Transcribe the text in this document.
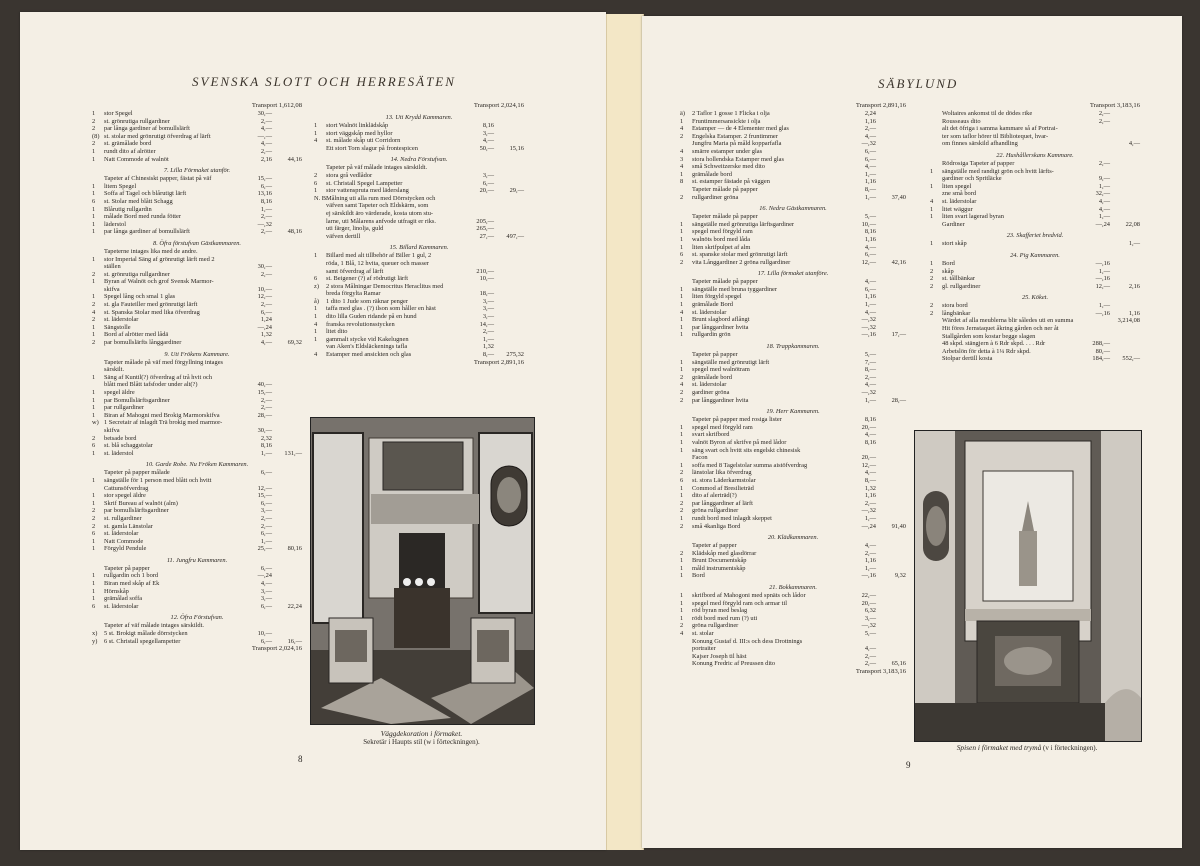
SVENSKA SLOTT OCH HERRESÄTEN
Transport 1,612,08
1	stor Spegel	30,—
2	st. grönrutiga rullgardiner	2,—
2	par långa gardiner af bomullslärft	4,—
(8) st. stolar med grönrutigt öfverdrag af lärft	—,—
2	st. grämålade bord	4,—
1	rundt dito af alrötter	2,—
1	Natt Commode af walnöt	2,16	44,16
7. Lilla Förmaket utanför.
Tapeter af Chinesiskt papper, fästat på väf	15,—
1	litem Spegel	6,—
1	Soffa af Tagel och blårutigt lärft	13,16
6	st. Stolar med blått Schagg	8,16
1	Blårutig rullgardin	1,—
1	målade Bord med runda fötter	2,—
1	läderstol	—,32
1	par långa gardiner af bomullslärft	2,—	48,16
8. Öfra förstufvan Gästkammaren.
Tapeterne intages lika med de andre.
1	stor Imperial Säng af grönrutigt lärft med 2
ställen	30,—
2	st. grönrutiga rullgardiner	2,—
1	Byran af Walnöt och grof Svensk Marmor-
skifva	10,—
1	Spegel lång och smal 1 glas	12,—
2	st. gla Fauteiller med grönrutigt lärft	2,—
4	st. Spanska Stolar med lika öfverdrag	6,—
2	st. läderstolar	1,24
1	Sängstolle	—,24
1	Bord af alrötter med lådä	1,32
2	par bomullslärfts långgardiner	4,—	69,32
9. Uti Frökens Kammare.
Tapeter målade på väf med förgyllning intages
särskilt.
1	Säng af Kuntil(?) öfverdrag af trå hvit och
blått med Blått tafsfoder under alt(?)	40,—
1	spegel äldre	15,—
1	par Bomullslärftsgardiner	2,—
1	par rullgardiner	2,—
1	Biran af Mahogni med Brokig Marmorskifva	28,—
w) 1 Secretair af inlagdt Trä brokig med marmor-
skifva	30,—
2	betsade bord	2,32
6	st. blå schaggstolar	8,16
1	st. läderstol	1,—	131,—
10. Garde Robe. Nu Fröken Kammaren.
Tapeter på papper målade	6,—
1	sängställe för 1 person med blått och hvitt
Cattunsöfverdrag	12,—
1	stor spegel äldre	15,—
1	Skrif Bureau af walnöt (alm)	6,—
2	par bomullslärftsgardiner	3,—
2	st. rullgardiner	2,—
2	st. gamla Länstolar	2,—
6	st. läderstolar	6,—
1	Natt Commode	1,—
1	Förgyld Pendule	25,—	80,16
11. Jungfru Kammaren.
Tapeter på papper	6,—
1	rullgardin och 1 bord	—,24
1	Biran med skåp af Ek	4,—
1	Hörnskåp	3,—
1	grämålad soffa	3,—
6	st. läderstolar	6,—	22,24
12. Öfra Förstufvan.
Tapeter af väf målade intages särskildt.
x)	5 st. Brokigt målade dörrstycken	10,—
y)	6 st. Christall spegellampetter	6,—	16,—
Transport 2,024,16
Transport 2,024,16
13. Uti Krydd Kammaren.
1	stort Walnöt linklädskåp	8,16
1	stort väggskåp med hyllor	3,—
4	st. målade skåp uti Corridorn	4,—
Ett stort Torn slagur på frontespicen	50,—	15,16
14. Nedra Förstufvan.
Tapeter på väf målade intages särskildt.
2	stora grå vedlådor	3,—
6	st. Christall Spegel Lampetter	6,—
1	stor vattenspruta med läderslang	20,—	29,—
N. B.
Målning uti alla rum med Dörrstycken och
väfven samt Tapeter och Eldskärm, som
ej särskildt äro värderade, kosta utom stu-
larne, uti Målarens anfvode utfragit er riks.	205,—
uti färger, linolja, guld	265,—
väfven dertill	27,—	497,—
15. Billard Kammaren.
1	Billard med alt tillbehör af Biller 1 gul, 2
röda, 1 Blå, 12 hvita, queuer och masser
samt öfverdrag af lärft	210,—
6	st. Beigener (?) af rödrutigt lärft	10,—
z)	2 stora Målningar Democritus Heraclitus med
breda förgylta Ramar	18,—
å)	1 dito 1 Jude som räknar penger	3,—
1	taffa med glas . (?) ilson som håller en häst	3,—
1	dito lilla Guden ridande på en hund	3,—
4	franska revolutionsstycken	14,—
1	litet dito	2,—
1	gammalt stycke vid Kakelugnen	1,—
van Aken's Eldsläckenings tafla	1,32
4	Estamper med ansickten och glas	8,—	275,32
Transport 2,891,16
Väggdekoration i förmaket.
Sekretär i Haupts stil (w i förteckningen).
8
SÄBYLUND
Transport 2,891,16
ä)	2 Taflor 1 gosse 1 Flicka i olja	2,24
1	Fruntimmersansickte i olja	1,16
4	Estamper — de 4 Elementer med glas	2,—
2	Engelska Estamper. 2 fruntimmer	4,—
Jungfru Maria på måld kopparfafla	—,32
4	smärre estamper under glas	6,—
3	stora hollendska Estamper med glas	6,—
4	små Schweitzerske med dito	4,—
1	grämålade bord	1,—
8	st. estamper fästade på väggen	1,16
Tapeter målade på papper	8,—
2	rullgardiner gröna	1,—	37,40
16. Nedra Gästkammaren.
Tapeter målade på papper	5,—
1	sängställe med grönrutiga lärftsgardiner	10,—
1	spegel med förgyld ram	8,16
1	walnöts bord med låda	1,16
1	liten skrifpulpet af alm	4,—
6	st. spanske stolar med grönrutigt lärft	6,—
2	vita Långgardiner 2 gröna rullgardiner	12,—	42,16
17. Lilla förmaket utanföre.
Tapeter målade på papper	4,—
1	sängställe med bruna tyggardiner	6,—
1	liten förgyld spegel	1,16
1	grämålade Bord	1,—
4	st. läderstolar	4,—
1	Brunt slagbord aflångt	—,32
1	par långgardiner hvita	—,32
1	rullgardin grön	—,16	17,—
18. Trappkammaren.
Tapeter på papper	5,—
1	sängställe med grönrutigt lärft	7,—
1	spegel med walnötram	8,—
2	grämålade bord	2,—
4	st. läderstolar	4,—
2	gardiner gröna	—,32
2	par långgardiner hvita	1,—	28,—
19. Herr Kammaren.
Tapeter på papper med rosiga lister	8,16
1	spegel med förgyld ram	20,—
1	svart skrifbord	4,—
1	valnöt Byron af skrifve på med lådor	8,16
1	säng svart och hvitt sits engelskt chinesisk
Facon	20,—
1	soffa med 8 Tagelstolar summa aistöfverdrag	12,—
2	länstolar lika öfverdrag	4,—
6	st. stora Läderkarmstolar	8,—
1	Commod af Bresilieträd	1,32
1	dito af alerträd(?)	1,16
2	par långgardiner af lärft	2,—
2	gröna rullgardiner	—,32
1	rundt bord med inlagdt skeppet	1,—
2	små 4kanliga Bord	—,24	91,40
20. Klädkammaren.
Tapeter af papper	4,—
2	Klädskåp med glasdörrar	2,—
1	Brunt Documentskåp	1,16
1	måld instrumentskåp	1,—
1	Bord	—,16	9,32
21. Bokkammaren.
1	skrifbord af Mahogoni med spnäts och lådor	22,—
1	spegel med förgyld ram och armar til	20,—
1	röd byran med beslag	6,32
1	rödt bord med rum (?) uti	3,—
2	gröna rullgardiner	—,32
4	st. stolar	5,—
Konung Gustaf d. III:s och dess Drottnings
portraiter	4,—
Kajser Joseph til häst	2,—
Konung Fredric af Preussen dito	2,—	65,16
Transport 3,183,16
Transport 3,183,16
Woltaires ankomst til de dödes rike	2,—
Rousseaus dito	2,—
alt det öfriga i samma kammare så af Portrai-
ter som taflor hörer til Bibliotequet, hvar-
om finnes särskild afhandling	4,—
22. Hushållerskans Kammare.
Rödrosiga Tapeter af papper	2,—
1	sängställe med randigt grön och hvitt lärfts-
gardiner och Spritläcke	9,—
1	liten spegel	1,—
zne små bord	32,—
4	st. läderstolar	4,—
1	litet wäggur	4,—
1	liten svart lagerad byran	1,—
Gardiner	—,24	22,08
23. Skafferiet bredvid.
1	stort skåp	1,—
24. Pig Kammaren.
1	Bord	—,16
2	skåp	1,—
2	st. tållbänkar	—,16
2	gl. rullgardiner	12,—	2,16
25. Köket.
2	stora bord	1,—
2	långbänkar	—,16	1,16
Wärdet af alla meublerna blir således uti en summa	3,214,08
Hit föres Jernstaquet åkring gården och ner åt
Stallgården som kostar begge slagen
48 skpd. stängjern à 6 Rdr skpd. . . . Rdr	288,—
Arbetslön för detta à 1¼ Rdr skpd.	80,—
Stolpar dertill kosta	184,—	552,—
Spisen i förmaket med trymå (v i förteckningen).
9
